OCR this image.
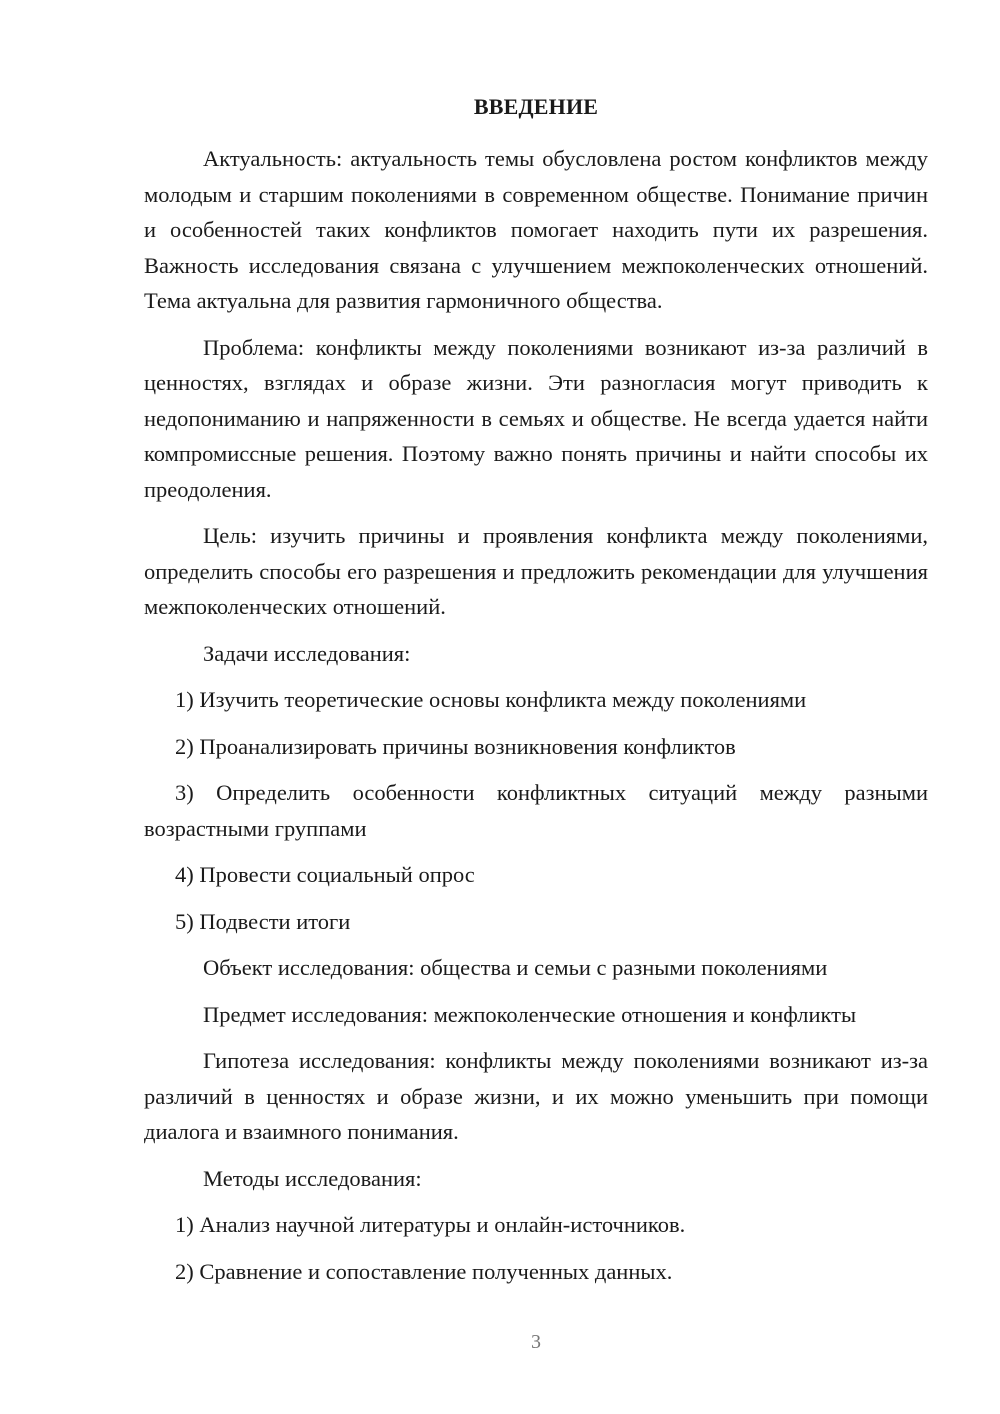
ВВЕДЕНИЕ

Актуальность: актуальность темы обусловлена ростом конфликтов между молодым и старшим поколениями в современном обществе. Понимание причин и особенностей таких конфликтов помогает находить пути их разрешения. Важность исследования связана с улучшением межпоколенческих отношений. Тема актуальна для развития гармоничного общества.

Проблема: конфликты между поколениями возникают из-за различий в ценностях, взглядах и образе жизни. Эти разногласия могут приводить к недопониманию и напряженности в семьях и обществе. Не всегда удается найти компромиссные решения. Поэтому важно понять причины и найти способы их преодоления.

Цель: изучить причины и проявления конфликта между поколениями, определить способы его разрешения и предложить рекомендации для улучшения межпоколенческих отношений.

Задачи исследования:

1) Изучить теоретические основы конфликта между поколениями

2) Проанализировать причины возникновения конфликтов

3) Определить особенности конфликтных ситуаций между разными возрастными группами

4) Провести социальный опрос

5) Подвести итоги

Объект исследования: общества и семьи с разными поколениями

Предмет исследования: межпоколенческие отношения и конфликты

Гипотеза исследования: конфликты между поколениями возникают из-за различий в ценностях и образе жизни, и их можно уменьшить при помощи диалога и взаимного понимания.

Методы исследования:

1) Анализ научной литературы и онлайн-источников.

2) Сравнение и сопоставление полученных данных.

3
